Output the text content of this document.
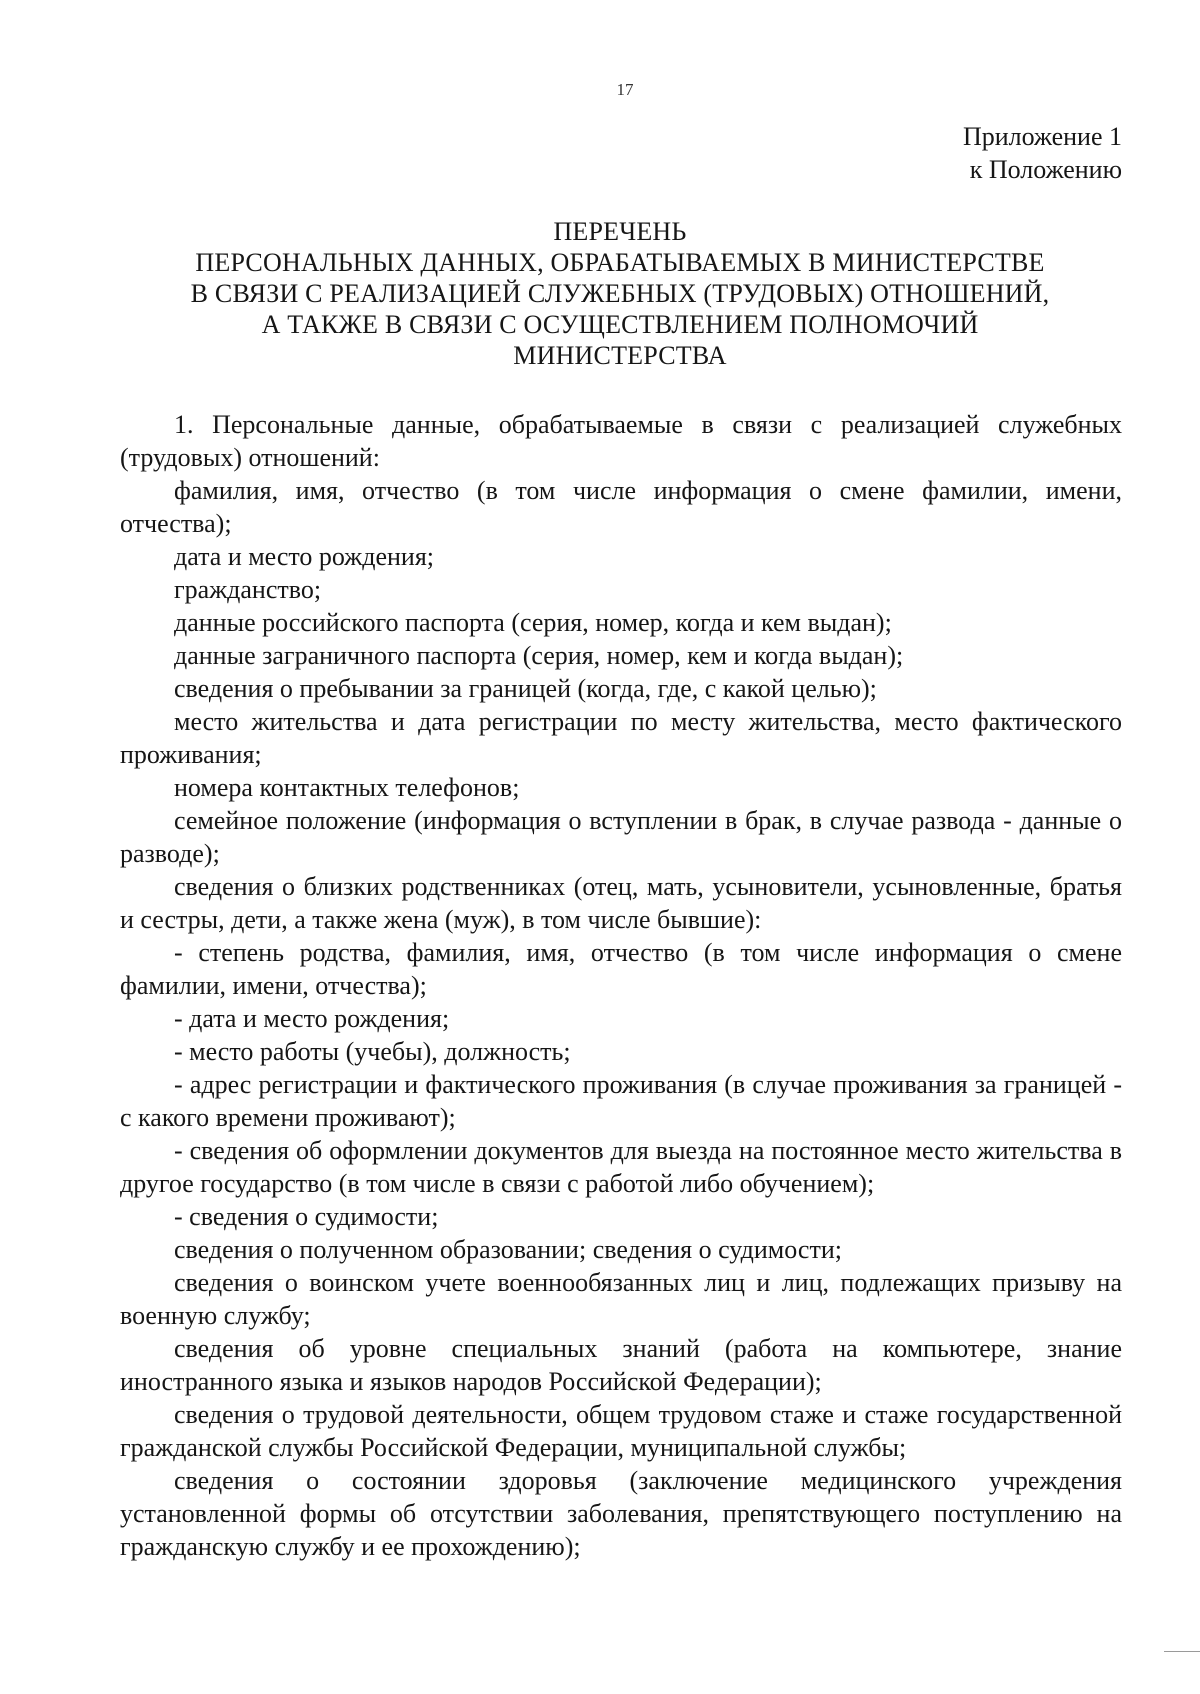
17
Приложение 1
к Положению
ПЕРЕЧЕНЬ
ПЕРСОНАЛЬНЫХ ДАННЫХ, ОБРАБАТЫВАЕМЫХ В МИНИСТЕРСТВЕ
В СВЯЗИ С РЕАЛИЗАЦИЕЙ СЛУЖЕБНЫХ (ТРУДОВЫХ) ОТНОШЕНИЙ,
А ТАКЖЕ В СВЯЗИ С ОСУЩЕСТВЛЕНИЕМ ПОЛНОМОЧИЙ
МИНИСТЕРСТВА

1. Персональные данные, обрабатываемые в связи с реализацией служебных (трудовых) отношений:

фамилия, имя, отчество (в том числе информация о смене фамилии, имени, отчества);

дата и место рождения;

гражданство;

данные российского паспорта (серия, номер, когда и кем выдан);

данные заграничного паспорта (серия, номер, кем и когда выдан);

сведения о пребывании за границей (когда, где, с какой целью);

место жительства и дата регистрации по месту жительства, место фактического проживания;

номера контактных телефонов;

семейное положение (информация о вступлении в брак, в случае развода - данные о разводе);

сведения о близких родственниках (отец, мать, усыновители, усыновленные, братья и сестры, дети, а также жена (муж), в том числе бывшие):

- степень родства, фамилия, имя, отчество (в том числе информация о смене фамилии, имени, отчества);

- дата и место рождения;

- место работы (учебы), должность;

- адрес регистрации и фактического проживания (в случае проживания за границей - с какого времени проживают);

- сведения об оформлении документов для выезда на постоянное место жительства в другое государство (в том числе в связи с работой либо обучением);

- сведения о судимости;

сведения о полученном образовании; сведения о судимости;

сведения о воинском учете военнообязанных лиц и лиц, подлежащих призыву на военную службу;

сведения об уровне специальных знаний (работа на компьютере, знание иностранного языка и языков народов Российской Федерации);

сведения о трудовой деятельности, общем трудовом стаже и стаже государственной гражданской службы Российской Федерации, муниципальной службы;

сведения о состоянии здоровья (заключение медицинского учреждения установленной формы об отсутствии заболевания, препятствующего поступлению на гражданскую службу и ее прохождению);
